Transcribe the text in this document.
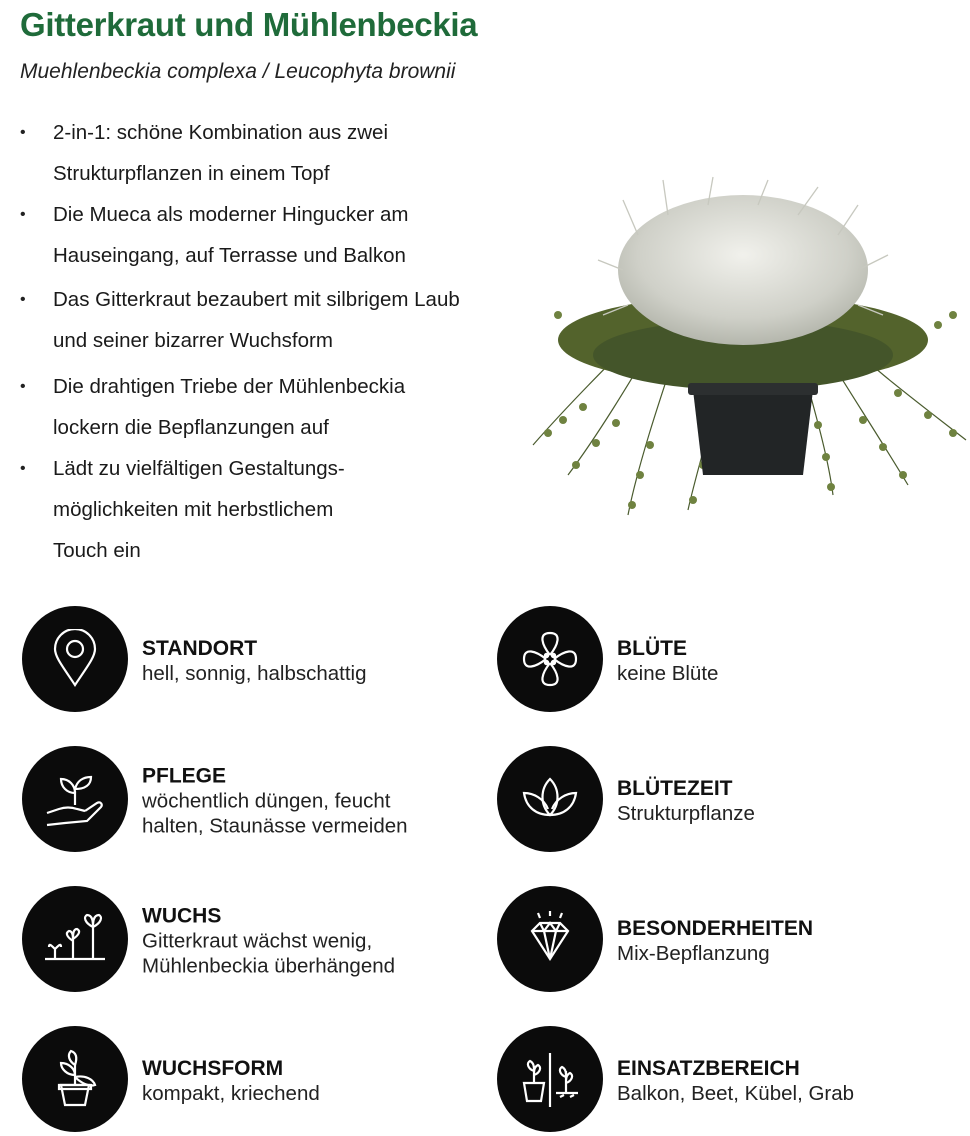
Gitterkraut und Mühlenbeckia

Muehlenbeckia complexa / Leucophyta brownii

• 2-in-1: schöne Kombination aus zwei Strukturpflanzen in einem Topf
• Die Mueca als moderner Hingucker am Hauseingang, auf Terrasse und Balkon
• Das Gitterkraut bezaubert mit silbrigem Laub und seiner bizarrer Wuchsform
• Die drahtigen Triebe der Mühlenbeckia lockern die Bepflanzungen auf
• Lädt zu vielfältigen Gestaltungs- möglichkeiten mit herbstlichem Touch ein
STANDORT
hell, sonnig, halbschattig
BLÜTE
keine Blüte
PFLEGE
wöchentlich düngen, feucht halten, Staunässe vermeiden
BLÜTEZEIT
Strukturpflanze
WUCHS
Gitterkraut wächst wenig, Mühlenbeckia überhängend
BESONDERHEITEN
Mix-Bepflanzung
WUCHSFORM
kompakt, kriechend
EINSATZBEREICH
Balkon, Beet, Kübel, Grab
